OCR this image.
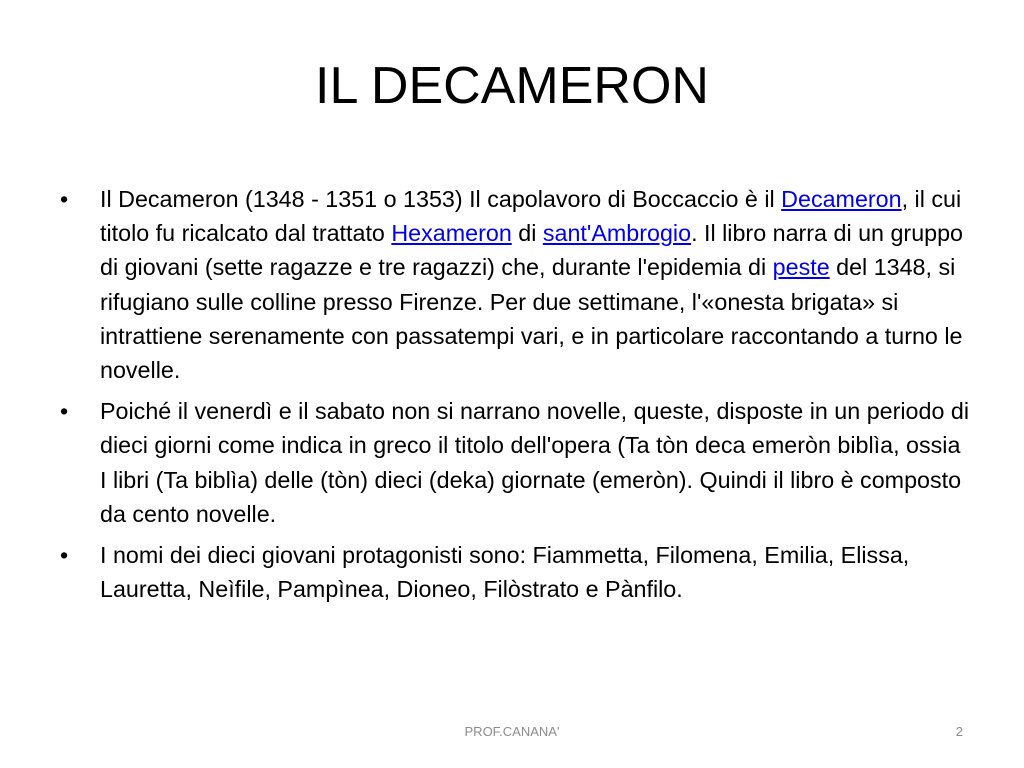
IL DECAMERON
•	Il Decameron (1348 - 1351 o 1353) Il capolavoro di Boccaccio è il Decameron, il cui titolo fu ricalcato dal trattato Hexameron di sant'Ambrogio. Il libro narra di un gruppo di giovani (sette ragazze e tre ragazzi) che, durante l'epidemia di peste del 1348, si rifugiano sulle colline presso Firenze. Per due settimane, l'«onesta brigata» si intrattiene serenamente con passatempi vari, e in particolare raccontando a turno le novelle.
•	Poiché il venerdì e il sabato non si narrano novelle, queste, disposte in un periodo di dieci giorni come indica in greco il titolo dell'opera (Ta tòn deca emeròn biblìa, ossia I libri (Ta biblìa) delle (tòn) dieci (deka) giornate (emeròn). Quindi il libro è composto da cento novelle.
•	I nomi dei dieci giovani protagonisti sono: Fiammetta, Filomena, Emilia, Elissa, Lauretta, Neìfile, Pampìnea, Dioneo, Filòstrato e Pànfilo.
PROF.CANANA'	2
